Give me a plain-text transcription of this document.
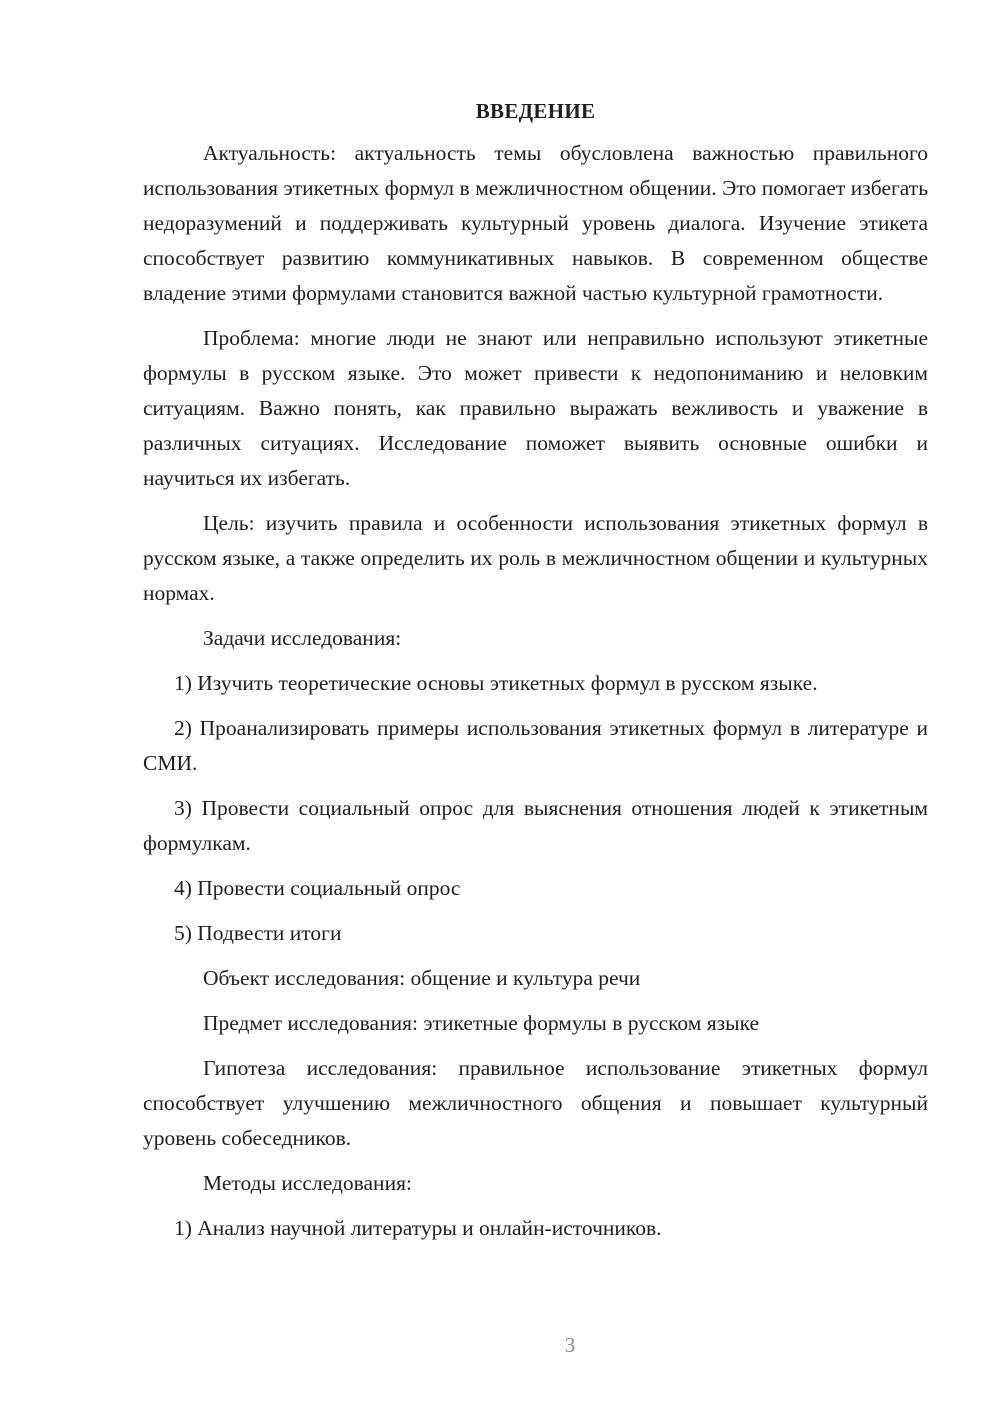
ВВЕДЕНИЕ

Актуальность: актуальность темы обусловлена важностью правильного использования этикетных формул в межличностном общении. Это помогает избегать недоразумений и поддерживать культурный уровень диалога. Изучение этикета способствует развитию коммуникативных навыков. В современном обществе владение этими формулами становится важной частью культурной грамотности.

Проблема: многие люди не знают или неправильно используют этикетные формулы в русском языке. Это может привести к недопониманию и неловким ситуациям. Важно понять, как правильно выражать вежливость и уважение в различных ситуациях. Исследование поможет выявить основные ошибки и научиться их избегать.

Цель: изучить правила и особенности использования этикетных формул в русском языке, а также определить их роль в межличностном общении и культурных нормах.

Задачи исследования:

1) Изучить теоретические основы этикетных формул в русском языке.

2) Проанализировать примеры использования этикетных формул в литературе и СМИ.

3) Провести социальный опрос для выяснения отношения людей к этикетным формулкам.

4) Провести социальный опрос

5) Подвести итоги

Объект исследования: общение и культура речи

Предмет исследования: этикетные формулы в русском языке

Гипотеза исследования: правильное использование этикетных формул способствует улучшению межличностного общения и повышает культурный уровень собеседников.

Методы исследования:

1) Анализ научной литературы и онлайн-источников.

3
